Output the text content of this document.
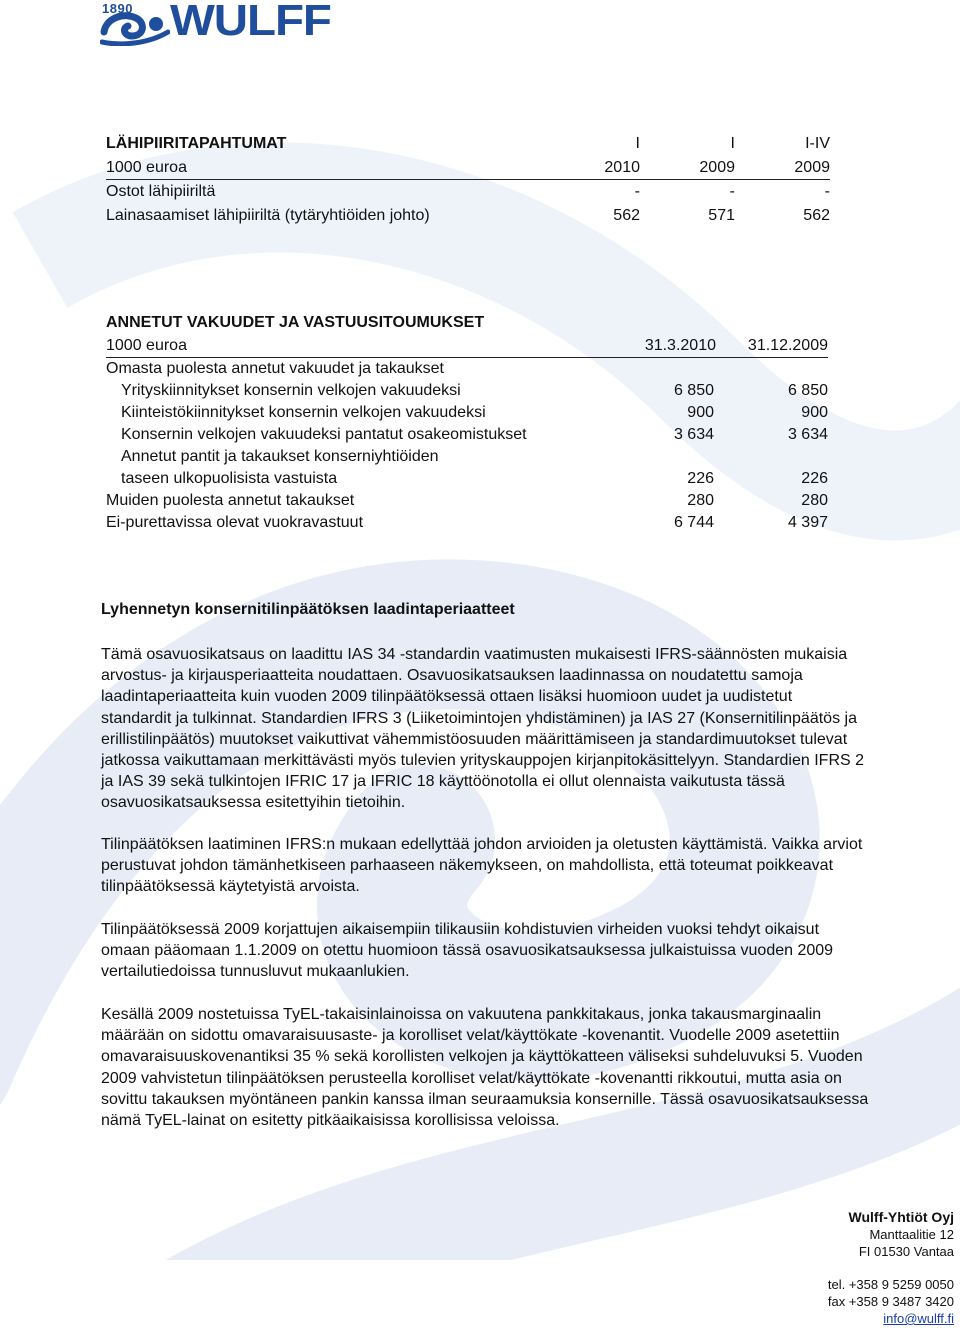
1890 WULFF
LÄHIPIIRITAPAHTUMAT	I	I	I-IV
1000 euroa	2010	2009	2009
Ostot lähipiiriltä	-	-	-
Lainasaamiset lähipiiriltä (tytäryhtiöiden johto)	562	571	562
ANNETUT VAKUUDET JA VASTUUSITOUMUKSET
1000 euroa	31.3.2010 31.12.2009
Omasta puolesta annetut vakuudet ja takaukset
Yrityskiinnitykset konsernin velkojen vakuudeksi	6 850	6 850
Kiinteistökiinnitykset konsernin velkojen vakuudeksi	900	900
Konsernin velkojen vakuudeksi pantatut osakeomistukset	3 634	3 634
Annetut pantit ja takaukset konserniyhtiöiden
taseen ulkopuolisista vastuista	226	226
Muiden puolesta annetut takaukset	280	280
Ei-purettavissa olevat vuokravastuut	6 744	4 397
Lyhennetyn konsernitilinpäätöksen laadintaperiaatteet
Tämä osavuosikatsaus on laadittu IAS 34 -standardin vaatimusten mukaisesti IFRS-säännösten mukaisia
arvostus- ja kirjausperiaatteita noudattaen. Osavuosikatsauksen laadinnassa on noudatettu samoja
laadintaperiaatteita kuin vuoden 2009 tilinpäätöksessä ottaen lisäksi huomioon uudet ja uudistetut
standardit ja tulkinnat. Standardien IFRS 3 (Liiketoimintojen yhdistäminen) ja IAS 27 (Konsernitilinpäätös ja
erillistilinpäätös) muutokset vaikuttivat vähemmistöosuuden määrittämiseen ja standardimuutokset tulevat
jatkossa vaikuttamaan merkittävästi myös tulevien yrityskauppojen kirjanpitokäsittelyyn. Standardien IFRS 2
ja IAS 39 sekä tulkintojen IFRIC 17 ja IFRIC 18 käyttöönotolla ei ollut olennaista vaikutusta tässä
osavuosikatsauksessa esitettyihin tietoihin.
Tilinpäätöksen laatiminen IFRS:n mukaan edellyttää johdon arvioiden ja oletusten käyttämistä. Vaikka arviot
perustuvat johdon tämänhetkiseen parhaaseen näkemykseen, on mahdollista, että toteumat poikkeavat
tilinpäätöksessä käytetyistä arvoista.
Tilinpäätöksessä 2009 korjattujen aikaisempiin tilikausiin kohdistuvien virheiden vuoksi tehdyt oikaisut
omaan pääomaan 1.1.2009 on otettu huomioon tässä osavuosikatsauksessa julkaistuissa vuoden 2009
vertailutiedoissa tunnusluvut mukaanlukien.
Kesällä 2009 nostetuissa TyEL-takaisinlainoissa on vakuutena pankkitakaus, jonka takausmarginaalin
määrään on sidottu omavaraisuusaste- ja korolliset velat/käyttökate -kovenantit. Vuodelle 2009 asetettiin
omavaraisuuskovenantiksi 35 % sekä korollisten velkojen ja käyttökatteen väliseksi suhdeluvuksi 5. Vuoden
2009 vahvistetun tilinpäätöksen perusteella korolliset velat/käyttökate -kovenantti rikkoutui, mutta asia on
sovittu takauksen myöntäneen pankin kanssa ilman seuraamuksia konsernille. Tässä osavuosikatsauksessa
nämä TyEL-lainat on esitetty pitkäaikaisissa korollisissa veloissa.
Wulff-Yhtiöt Oyj
Manttaalitie 12
FI 01530 Vantaa
tel. +358 9 5259 0050
fax +358 9 3487 3420
info@wulff.fi
